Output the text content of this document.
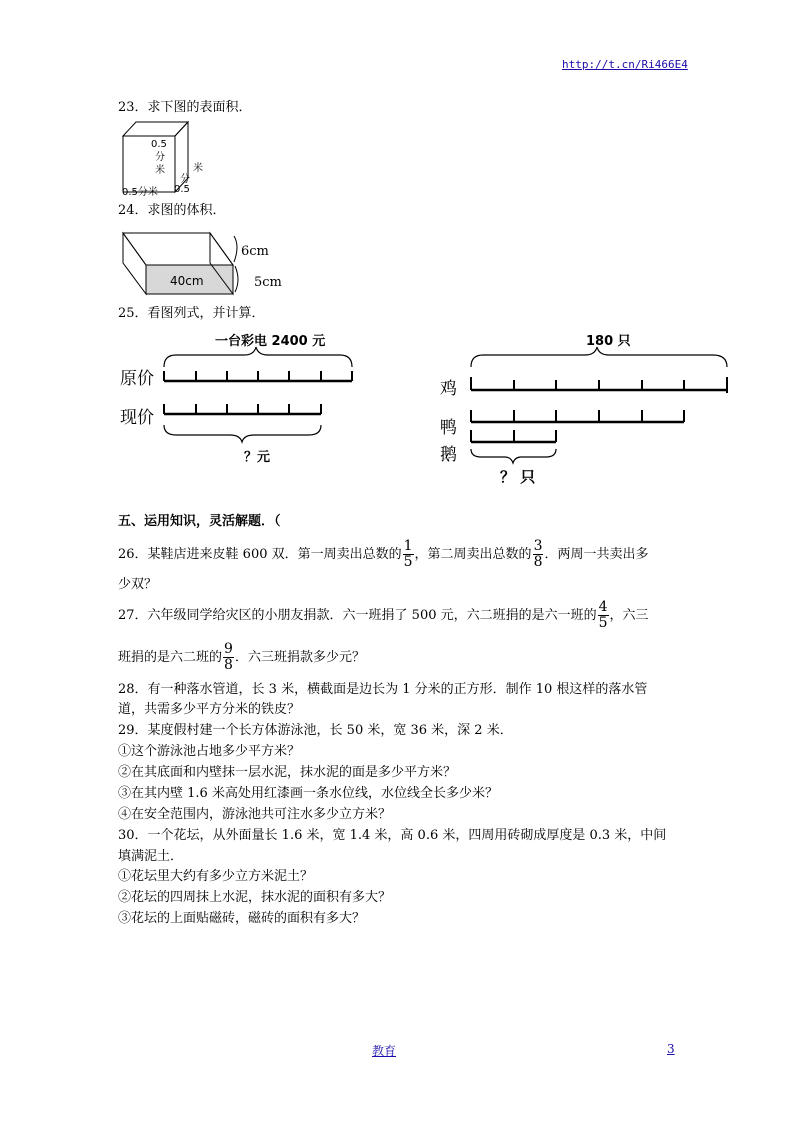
http://t.cn/Ri466E4
23．求下图的表面积．
0.5
分
米	米
分
0.5
0.5分米
24．求图的体积．
40cm
6cm
5cm
25．看图列式，并计算．
一台彩电 2400 元
原价
现价
？元
180 只
鸡
鸭
鹅
？ 只
五、运用知识，灵活解题．（
26．某鞋店进来皮鞋 600 双．第一周卖出总数的 $\frac{1}{5}$ ，第二周卖出总数的 $\frac{3}{8}$ ．两周一共卖出多
少双？
27．六年级同学给灾区的小朋友捐款．六一班捐了 500 元，六二班捐的是六一班的 $\frac{4}{5}$ ，六三
班捐的是六二班的 $\frac{9}{8}$ ．六三班捐款多少元？
28．有一种落水管道，长 3 米，横截面是边长为 1 分米的正方形．制作 10 根这样的落水管
道，共需多少平方分米的铁皮？
29．某度假村建一个长方体游泳池，长 50 米，宽 36 米，深 2 米．
①这个游泳池占地多少平方米？
②在其底面和内壁抹一层水泥，抹水泥的面是多少平方米？
③在其内壁 1.6 米高处用红漆画一条水位线，水位线全长多少米？
④在安全范围内，游泳池共可注水多少立方米？
30．一个花坛，从外面量长 1.6 米，宽 1.4 米，高 0.6 米，四周用砖砌成厚度是 0.3 米，中间
填满泥土．
①花坛里大约有多少立方米泥土？
②花坛的四周抹上水泥，抹水泥的面积有多大？
③花坛的上面贴磁砖，磁砖的面积有多大？
教育	3
